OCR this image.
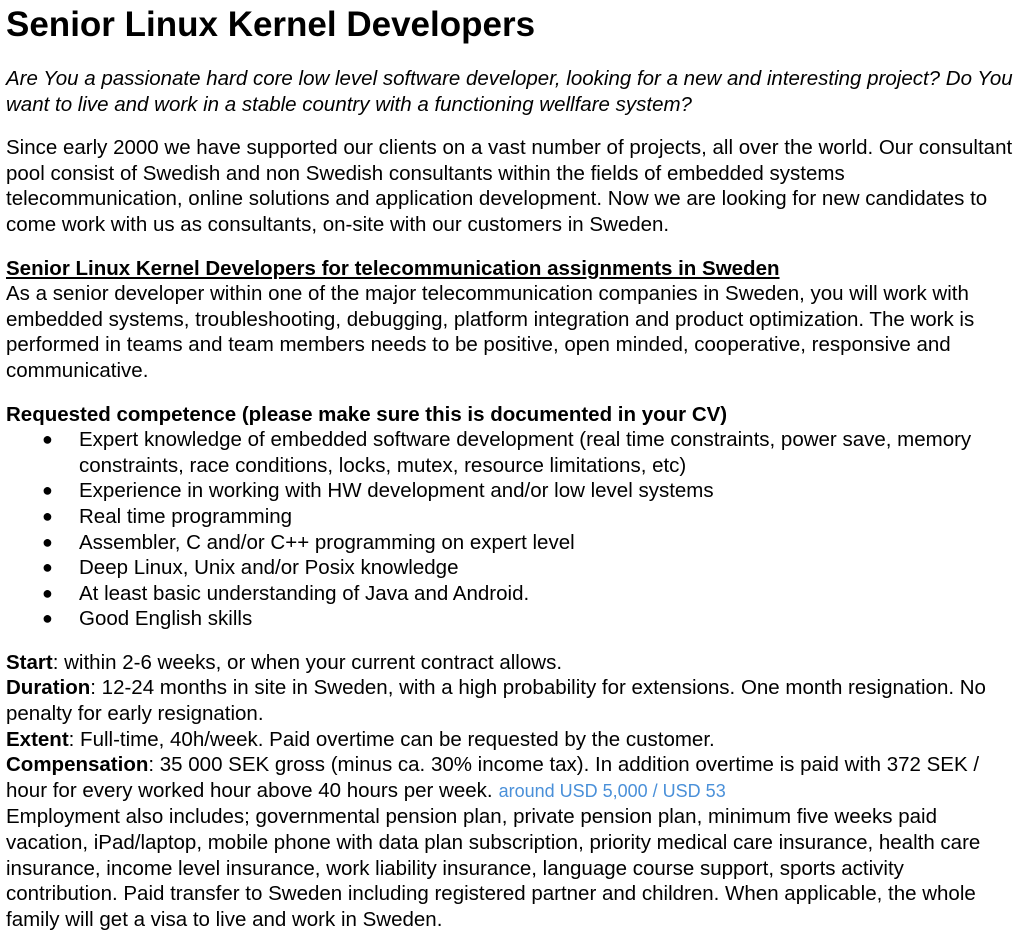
Senior Linux Kernel Developers

Are You a passionate hard core low level software developer, looking for a new and interesting project? Do You want to live and work in a stable country with a functioning wellfare system?

Since early 2000 we have supported our clients on a vast number of projects, all over the world. Our consultant pool consist of Swedish and non Swedish consultants within the fields of embedded systems telecommunication, online solutions and application development. Now we are looking for new candidates to come work with us as consultants, on-site with our customers in Sweden.

Senior Linux Kernel Developers for telecommunication assignments in Sweden
As a senior developer within one of the major telecommunication companies in Sweden, you will work with embedded systems, troubleshooting, debugging, platform integration and product optimization. The work is performed in teams and team members needs to be positive, open minded, cooperative, responsive and communicative.
Requested competence (please make sure this is documented in your CV)
● Expert knowledge of embedded software development (real time constraints, power save, memory constraints, race conditions, locks, mutex, resource limitations, etc)
● Experience in working with HW development and/or low level systems
● Real time programming
● Assembler, C and/or C++ programming on expert level
● Deep Linux, Unix and/or Posix knowledge
● At least basic understanding of Java and Android.
● Good English skills
Start: within 2-6 weeks, or when your current contract allows.
Duration: 12-24 months in site in Sweden, with a high probability for extensions. One month resignation. No penalty for early resignation.
Extent: Full-time, 40h/week. Paid overtime can be requested by the customer.
Compensation: 35 000 SEK gross (minus ca. 30% income tax). In addition overtime is paid with 372 SEK / hour for every worked hour above 40 hours per week. around USD 5,000 / USD 53
Employment also includes; governmental pension plan, private pension plan, minimum five weeks paid vacation, iPad/laptop, mobile phone with data plan subscription, priority medical care insurance, health care insurance, income level insurance, work liability insurance, language course support, sports activity contribution. Paid transfer to Sweden including registered partner and children. When applicable, the whole family will get a visa to live and work in Sweden.
